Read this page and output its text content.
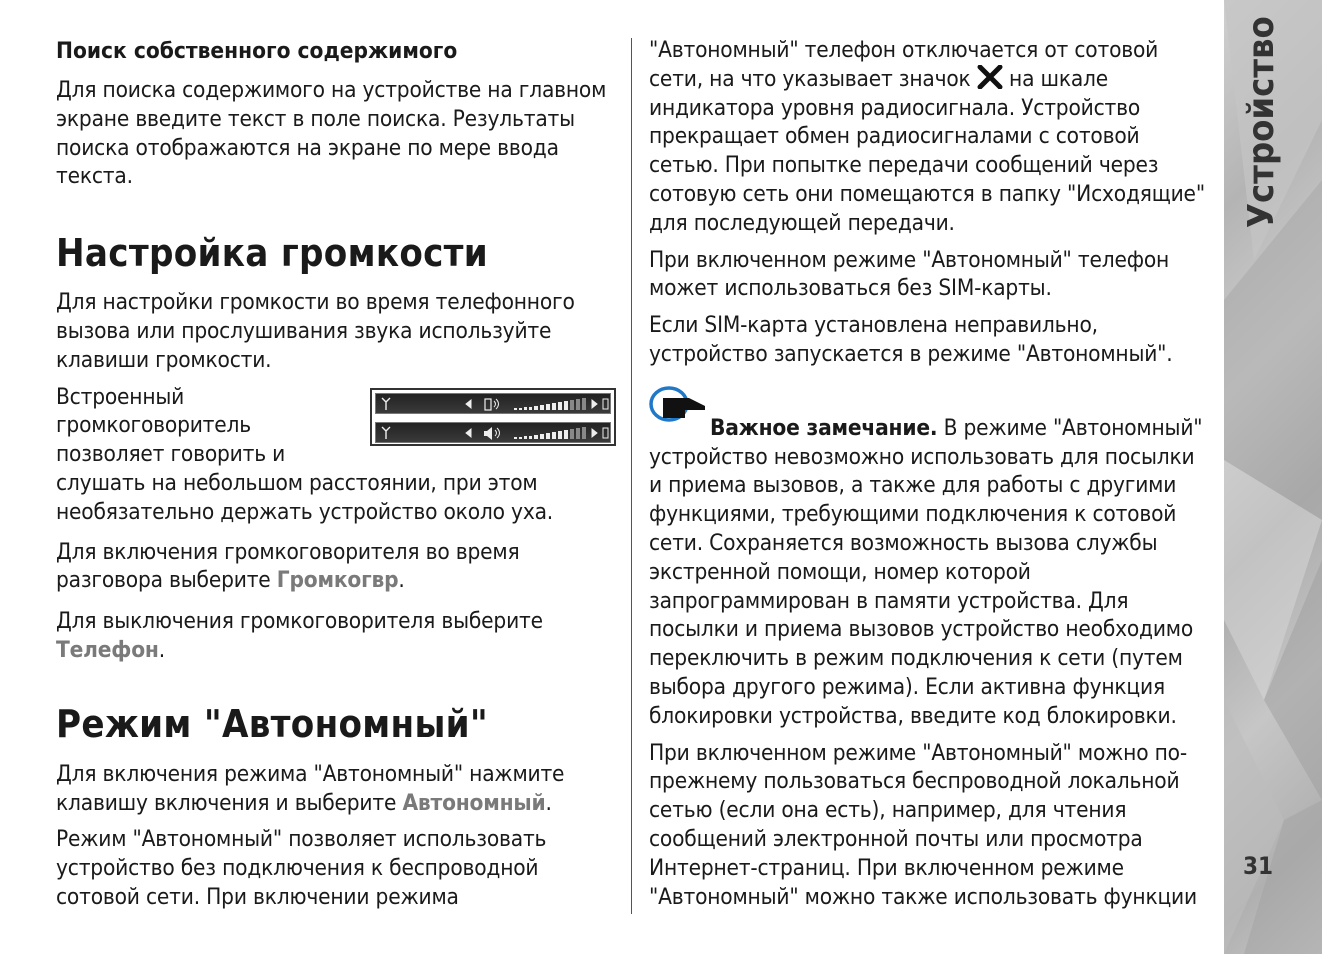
Поиск собственного содержимого

Для поиска содержимого на устройстве на главном
экране введите текст в поле поиска. Результаты
поиска отображаются на экране по мере ввода
текста.

Настройка громкости

Для настройки громкости во время телефонного
вызова или прослушивания звука используйте
клавиши громкости.

Встроенный
громкоговоритель
позволяет говорить и
слушать на небольшом расстоянии, при этом
необязательно держать устройство около уха.

Для включения громкоговорителя во время
разговора выберите Громкогвр.

Для выключения громкоговорителя выберите
Телефон.

Режим "Автономный"

Для включения режима "Автономный" нажмите
клавишу включения и выберите Автономный.

Режим "Автономный" позволяет использовать
устройство без подключения к беспроводной
сотовой сети. При включении режима

"Автономный" телефон отключается от сотовой
сети, на что указывает значок на шкале
индикатора уровня радиосигнала. Устройство
прекращает обмен радиосигналами с сотовой
сетью. При попытке передачи сообщений через
сотовую сеть они помещаются в папку "Исходящие"
для последующей передачи.

При включенном режиме "Автономный" телефон
может использоваться без SIM-карты.

Если SIM-карта установлена неправильно,
устройство запускается в режиме "Автономный".

Важное замечание. В режиме "Автономный"
устройство невозможно использовать для посылки
и приема вызовов, а также для работы с другими
функциями, требующими подключения к сотовой
сети. Сохраняется возможность вызова службы
экстренной помощи, номер которой
запрограммирован в памяти устройства. Для
посылки и приема вызовов устройство необходимо
переключить в режим подключения к сети (путем
выбора другого режима). Если активна функция
блокировки устройства, введите код блокировки.

При включенном режиме "Автономный" можно по-
прежнему пользоваться беспроводной локальной
сетью (если она есть), например, для чтения
сообщений электронной почты или просмотра
Интернет-страниц. При включенном режиме
"Автономный" можно также использовать функции

Устройство
31
